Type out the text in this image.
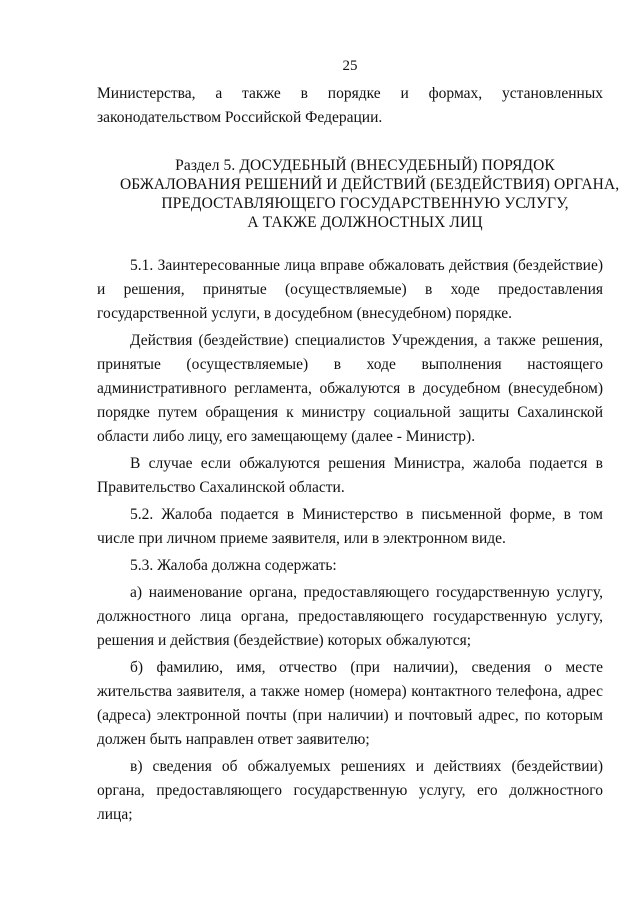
25

Министерства, а также в порядке и формах, установленных

законодательством Российской Федерации.

Раздел 5. ДОСУДЕБНЫЙ (ВНЕСУДЕБНЫЙ) ПОРЯДОК
ОБЖАЛОВАНИЯ РЕШЕНИЙ И ДЕЙСТВИЙ (БЕЗДЕЙСТВИЯ) ОРГАНА,
ПРЕДОСТАВЛЯЮЩЕГО ГОСУДАРСТВЕННУЮ УСЛУГУ,
А ТАКЖЕ ДОЛЖНОСТНЫХ ЛИЦ

5.1. Заинтересованные лица вправе обжаловать действия (бездействие) и решения, принятые (осуществляемые) в ходе предоставления государственной услуги, в досудебном (внесудебном) порядке.

Действия (бездействие) специалистов Учреждения, а также решения, принятые (осуществляемые) в ходе выполнения настоящего административного регламента, обжалуются в досудебном (внесудебном) порядке путем обращения к министру социальной защиты Сахалинской области либо лицу, его замещающему (далее - Министр).

В случае если обжалуются решения Министра, жалоба подается в Правительство Сахалинской области.

5.2. Жалоба подается в Министерство в письменной форме, в том числе при личном приеме заявителя, или в электронном виде.

5.3. Жалоба должна содержать:

а) наименование органа, предоставляющего государственную услугу, должностного лица органа, предоставляющего государственную услугу, решения и действия (бездействие) которых обжалуются;

б) фамилию, имя, отчество (при наличии), сведения о месте жительства заявителя, а также номер (номера) контактного телефона, адрес (адреса) электронной почты (при наличии) и почтовый адрес, по которым должен быть направлен ответ заявителю;

в) сведения об обжалуемых решениях и действиях (бездействии) органа, предоставляющего государственную услугу, его должностного лица;
